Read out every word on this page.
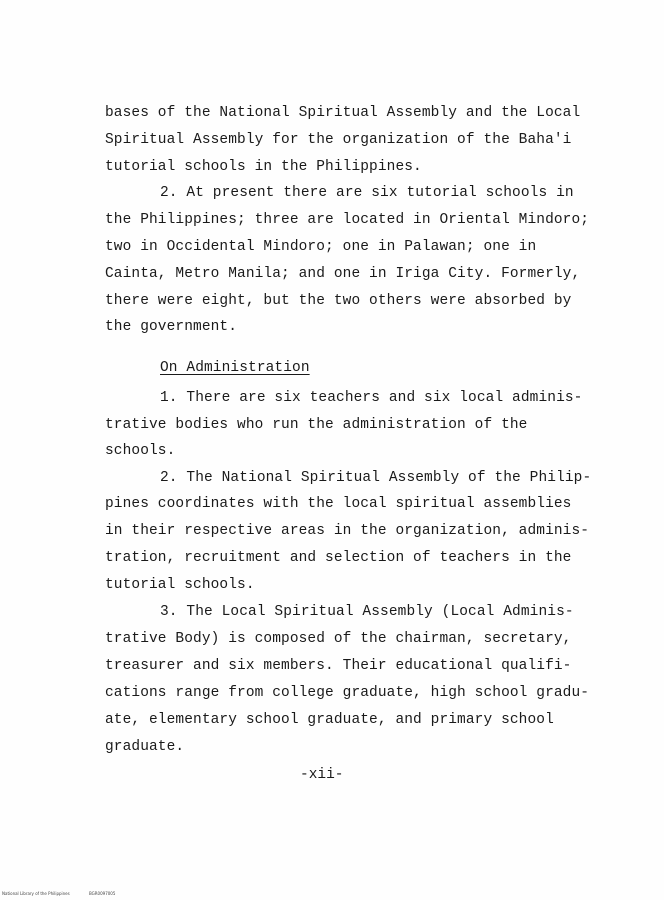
bases of the National Spiritual Assembly and the Local
Spiritual Assembly for the organization of the Baha'i
tutorial schools in the Philippines.
2. At present there are six tutorial schools in
the Philippines; three are located in Oriental Mindoro;
two in Occidental Mindoro; one in Palawan; one in
Cainta, Metro Manila; and one in Iriga City. Formerly,
there were eight, but the two others were absorbed by
the government.
On Administration
1. There are six teachers and six local adminis-
trative bodies who run the administration of the
schools.
2. The National Spiritual Assembly of the Philip-
pines coordinates with the local spiritual assemblies
in their respective areas in the organization, adminis-
tration, recruitment and selection of teachers in the
tutorial schools.
3. The Local Spiritual Assembly (Local Adminis-
trative Body) is composed of the chairman, secretary,
treasurer and six members. Their educational qualifi-
cations range from college graduate, high school gradu-
ate, elementary school graduate, and primary school
graduate.
-xii-
National Library of the Philippines	BGR0097005
